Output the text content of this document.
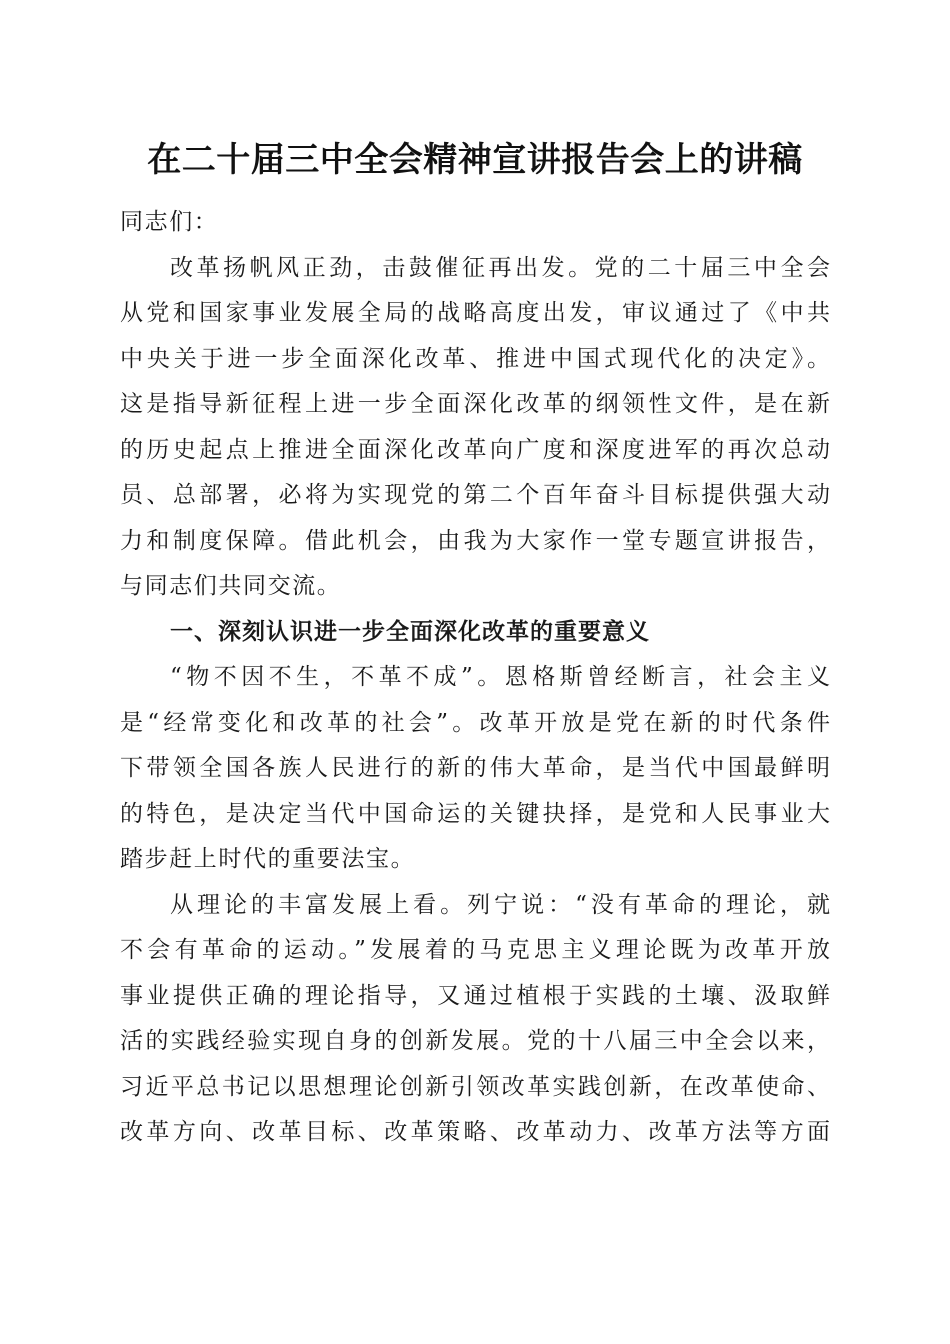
在二十届三中全会精神宣讲报告会上的讲稿
同志们：
改革扬帆风正劲，击鼓催征再出发。党的二十届三中全会
从党和国家事业发展全局的战略高度出发，审议通过了《中共
中央关于进一步全面深化改革、推进中国式现代化的决定》。
这是指导新征程上进一步全面深化改革的纲领性文件，是在新
的历史起点上推进全面深化改革向广度和深度进军的再次总动
员、总部署，必将为实现党的第二个百年奋斗目标提供强大动
力和制度保障。借此机会，由我为大家作一堂专题宣讲报告，
与同志们共同交流。
一、深刻认识进一步全面深化改革的重要意义
“物不因不生，不革不成”。恩格斯曾经断言，社会主义
是“经常变化和改革的社会”。改革开放是党在新的时代条件
下带领全国各族人民进行的新的伟大革命，是当代中国最鲜明
的特色，是决定当代中国命运的关键抉择，是党和人民事业大
踏步赶上时代的重要法宝。
从理论的丰富发展上看。列宁说：“没有革命的理论，就
不会有革命的运动。”发展着的马克思主义理论既为改革开放
事业提供正确的理论指导，又通过植根于实践的土壤、汲取鲜
活的实践经验实现自身的创新发展。党的十八届三中全会以来，
习近平总书记以思想理论创新引领改革实践创新，在改革使命、
改革方向、改革目标、改革策略、改革动力、改革方法等方面
